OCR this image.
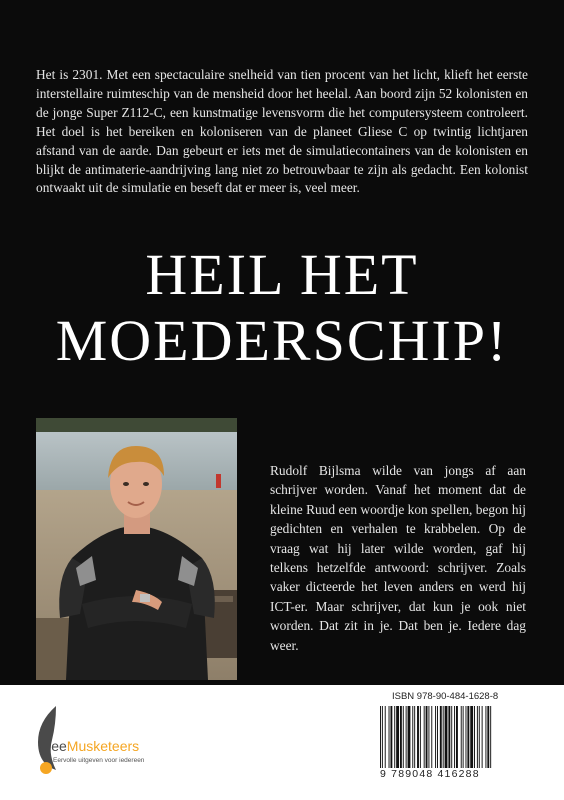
Het is 2301. Met een spectaculaire snelheid van tien procent van het licht, klieft het eerste interstellaire ruimteschip van de mensheid door het heelal. Aan boord zijn 52 kolonisten en de jonge Super Z112-C, een kunstmatige levensvorm die het computersysteem controleert. Het doel is het bereiken en koloniseren van de planeet Gliese C op twintig lichtjaren afstand van de aarde. Dan gebeurt er iets met de simulatiecontainers van de kolonisten en blijkt de antimaterie-aandrijving lang niet zo betrouwbaar te zijn als gedacht. Een kolonist ontwaakt uit de simulatie en beseft dat er meer is, veel meer.

HEIL HET
MOEDERSCHIP!

Rudolf Bijlsma wilde van jongs af aan schrijver worden. Vanaf het moment dat de kleine Ruud een woordje kon spellen, begon hij gedichten en verhalen te krabbelen. Op de vraag wat hij later wilde worden, gaf hij telkens hetzelfde antwoord: schrijver. Zoals vaker dicteerde het leven anders en werd hij ICT-er. Maar schrijver, dat kun je ook niet worden. Dat zit in je. Dat ben je. Iedere dag weer.

FreeMusketeers
Eervolle uitgeven voor iedereen
ISBN 978-90-484-1628-8
9 789048 416288
